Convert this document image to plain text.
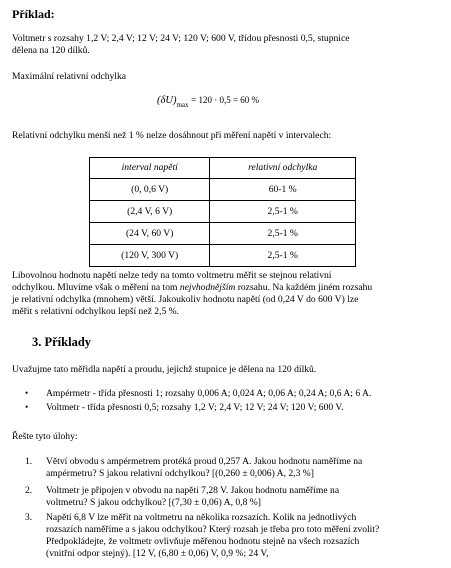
Příklad:
Voltmetr s rozsahy 1,2 V; 2,4 V; 12 V; 24 V; 120 V; 600 V, třídou přesnosti 0,5, stupnice
dělena na 120 dílků.
Maximální relativní odchylka
$(\delta U)_{max} = 120 \cdot 0,5 = 60$ %
Relativní odchylku menší než 1 % nelze dosáhnout při měření napětí v intervalech:
interval napětí	relativní odchylka
(0, 0,6 V)	60-1 %
(2,4 V, 6 V)	2,5-1 %
(24 V, 60 V)	2,5-1 %
(120 V, 300 V)	2,5-1 %
Libovolnou hodnotu napětí nelze tedy na tomto voltmetru měřit se stejnou relativní
odchylkou. Mluvíme však o měření na tom nejvhodnějším rozsahu. Na každém jiném rozsahu
je relativní odchylka (mnohem) větší. Jakoukoliv hodnotu napětí (od 0,24 V do 600 V) lze
měřit s relativní odchylkou lepší než 2,5 %.
3. Příklady
Uvažujme tato měřidla napětí a proudu, jejichž stupnice je dělena na 120 dílků.
• Ampérmetr - třída přesnosti 1; rozsahy 0,006 A; 0,024 A; 0,06 A; 0,24 A; 0,6 A; 6 A.
• Voltmetr - třída přesnosti 0,5; rozsahy 1,2 V; 2,4 V; 12 V; 24 V; 120 V; 600 V.
Řešte tyto úlohy:
1. Větví obvodu s ampérmetrem protéká proud 0,257 A. Jakou hodnotu naměříme na
ampérmetru? S jakou relativní odchylkou? [(0,260 ± 0,006) A, 2,3 %]
2. Voltmetr je připojen v obvodu na napětí 7,28 V. Jakou hodnotu naměříme na
voltmetru? S jakou odchylkou? [(7,30 ± 0,06) A, 0,8 %]
3. Napětí 6,8 V lze měřit na voltmetru na několika rozsazích. Kolik na jednotlivých
rozsazích naměříme a s jakou odchylkou? Který rozsah je třeba pro toto měření zvolit?
Předpokládejte, že voltmetr ovlivňuje měřenou hodnotu stejně na všech rozsazích
(vnitřní odpor stejný). [12 V, (6,80 ± 0,06) V, 0,9 %; 24 V,
